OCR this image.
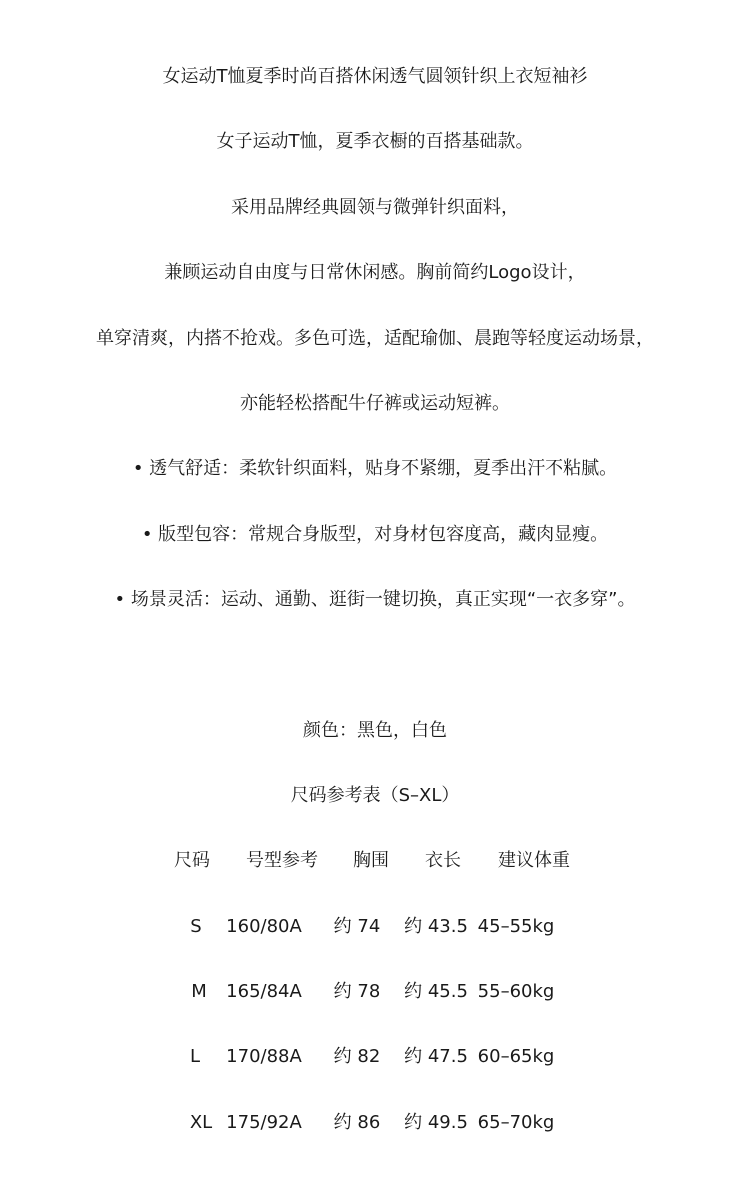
女运动T恤夏季时尚百搭休闲透气圆领针织上衣短袖衫
女子运动T恤，夏季衣橱的百搭基础款。
采用品牌经典圆领与微弹针织面料，
兼顾运动自由度与日常休闲感。胸前简约Logo设计，
单穿清爽，内搭不抢戏。多色可选，适配瑜伽、晨跑等轻度运动场景，
亦能轻松搭配牛仔裤或运动短裤。
• 透气舒适：柔软针织面料，贴身不紧绷，夏季出汗不粘腻。
• 版型包容：常规合身版型，对身材包容度高，藏肉显瘦。
• 场景灵活：运动、通勤、逛街一键切换，真正实现“一衣多穿”。
颜色：黑色，白色
尺码参考表（S–XL）
尺码 号型参考 胸围 衣长 建议体重
S 160/80A 约 74 约 43.5 45–55kg
M 165/84A 约 78 约 45.5 55–60kg
L 170/88A 约 82 约 47.5 60–65kg
XL 175/92A 约 86 约 49.5 65–70kg
